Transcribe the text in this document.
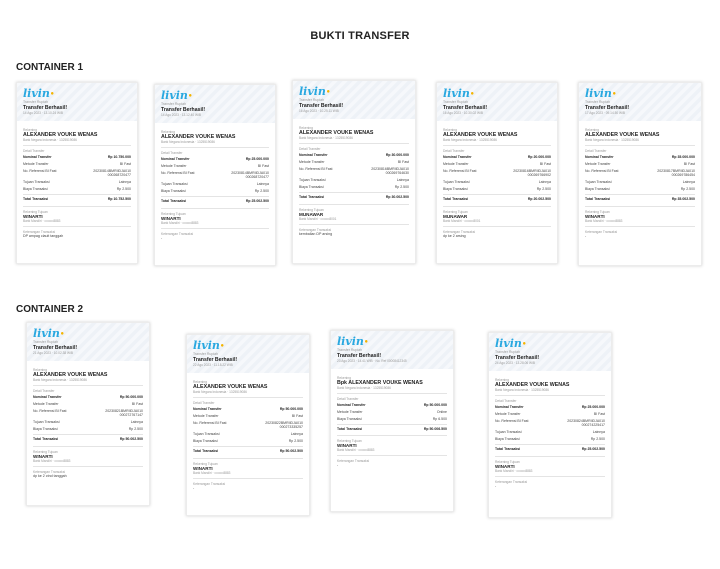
BUKTI TRANSFER
CONTAINER 1
CONTAINER 2
livin•
Transfer Rupiah
Transfer Berhasil!
14 Agu 2023 · 13.10.24 WIB
Rekening
ALEXANDER VOUKE WENAS
Bank Negara Indonesia · 1325519086
Detail Transfer
Nominal Transfer	Rp 10.750.000
Metode Transfer	BI Fast
No. Referensi BI Fast	20230814BMRIIDJA010 000268720477
Tujuan Transaksi	Lainnya
Biaya Transaksi	Rp 2.500
Total Transaksi	Rp 10.752.500
Rekening Tujuan
WINARTI
Bank Mandiri · ••••••••8883
Keterangan Transaksi
DP ampag clauit tanggah
livin•
Transfer Rupiah
Transfer Berhasil!
14 Agu 2023 · 13.12.40 WIB
Rekening
ALEXANDER VOUKE WENAS
Bank Negara Indonesia · 1325519086
Detail Transfer
Nominal Transfer	Rp 25.000.000
Metode Transfer	BI Fast
No. Referensi BI Fast	20230814BMRIIDJA010 000268720477
Tujuan Transaksi	Lainnya
Biaya Transaksi	Rp 2.500
Total Transaksi	Rp 25.002.500
Rekening Tujuan
WINARTI
Bank Mandiri · ••••••••8883
Keterangan Transaksi
-
livin•
Transfer Rupiah
Transfer Berhasil!
16 Agu 2023 · 10.25.11 WIB
Rekening
ALEXANDER VOUKE WENAS
Bank Negara Indonesia · 1325519086
Detail Transfer
Nominal Transfer	Rp 30.000.000
Metode Transfer	BI Fast
No. Referensi BI Fast	20230816BMRIIDJA010 000269764630
Tujuan Transaksi	Lainnya
Biaya Transaksi	Rp 2.500
Total Transaksi	Rp 30.002.500
Rekening Tujuan
MUNAWAR
Bank Mandiri · ••••••••8001
Keterangan Transaksi
kembalian DP arsing
livin•
Transfer Rupiah
Transfer Berhasil!
16 Agu 2023 · 10.30.02 WIB
Rekening
ALEXANDER VOUKE WENAS
Bank Negara Indonesia · 1325519086
Detail Transfer
Nominal Transfer	Rp 20.000.000
Metode Transfer	BI Fast
No. Referensi BI Fast	20230816BMRIIDJA010 000269766902
Tujuan Transaksi	Lainnya
Biaya Transaksi	Rp 2.500
Total Transaksi	Rp 20.002.500
Rekening Tujuan
MUNAWAR
Bank Mandiri · ••••••••8001
Keterangan Transaksi
dp ke 2 arsing
livin•
Transfer Rupiah
Transfer Berhasil!
17 Agu 2023 · 09.14.50 WIB
Rekening
ALEXANDER VOUKE WENAS
Bank Negara Indonesia · 1325519086
Detail Transfer
Nominal Transfer	Rp 35.000.000
Metode Transfer	BI Fast
No. Referensi BI Fast	20230817BMRIIDJA010 000269786454
Tujuan Transaksi	Lainnya
Biaya Transaksi	Rp 2.500
Total Transaksi	Rp 35.002.500
Rekening Tujuan
WINARTI
Bank Mandiri · ••••••••8883
Keterangan Transaksi
-
livin•
Transfer Rupiah
Transfer Berhasil!
21 Agu 2023 · 10.02.38 WIB
Rekening
ALEXANDER VOUKE WENAS
Bank Negara Indonesia · 1325519086
Detail Transfer
Nominal Transfer	Rp 50.000.000
Metode Transfer	BI Fast
No. Referensi BI Fast	20230821BMRIIDJA010 000272767147
Tujuan Transaksi	Lainnya
Biaya Transaksi	Rp 2.500
Total Transaksi	Rp 50.002.500
Rekening Tujuan
WINARTI
Bank Mandiri · ••••••••8883
Keterangan Transaksi
dp ke 2 ctnd tanggah
livin•
Transfer Rupiah
Transfer Berhasil!
22 Agu 2023 · 11.18.22 WIB
Rekening
ALEXANDER VOUKE WENAS
Bank Negara Indonesia · 1325519086
Detail Transfer
Nominal Transfer	Rp 50.000.000
Metode Transfer	BI Fast
No. Referensi BI Fast	20230822BMRIIDJA010 000273335257
Tujuan Transaksi	Lainnya
Biaya Transaksi	Rp 2.500
Total Transaksi	Rp 50.002.500
Rekening Tujuan
WINARTI
Bank Mandiri · ••••••••8883
Keterangan Transaksi
-
livin•
Transfer Rupiah
Transfer Berhasil!
23 Agu 2023 · 14.41 WIB · No. Ref 00008412345
Rekening
Bpk ALEXANDER VOUKE WENAS
Bank Negara Indonesia · 1325519086
Detail Transfer
Nominal Transfer	Rp 50.000.000
Metode Transfer	Online
Biaya Transaksi	Rp 6.500
Total Transaksi	Rp 50.006.500
Rekening Tujuan
WINARTI
Bank Mandiri · ••••••••8883
Keterangan Transaksi
-
livin•
Transfer Rupiah
Transfer Berhasil!
24 Agu 2023 · 13.28.06 WIB
Rekening
ALEXANDER VOUKE WENAS
Bank Negara Indonesia · 1325519086
Detail Transfer
Nominal Transfer	Rp 25.000.000
Metode Transfer	BI Fast
No. Referensi BI Fast	20230824BMRIIDJA010 000274225417
Tujuan Transaksi	Lainnya
Biaya Transaksi	Rp 2.500
Total Transaksi	Rp 25.002.500
Rekening Tujuan
WINARTI
Bank Mandiri · ••••••••8883
Keterangan Transaksi
-
